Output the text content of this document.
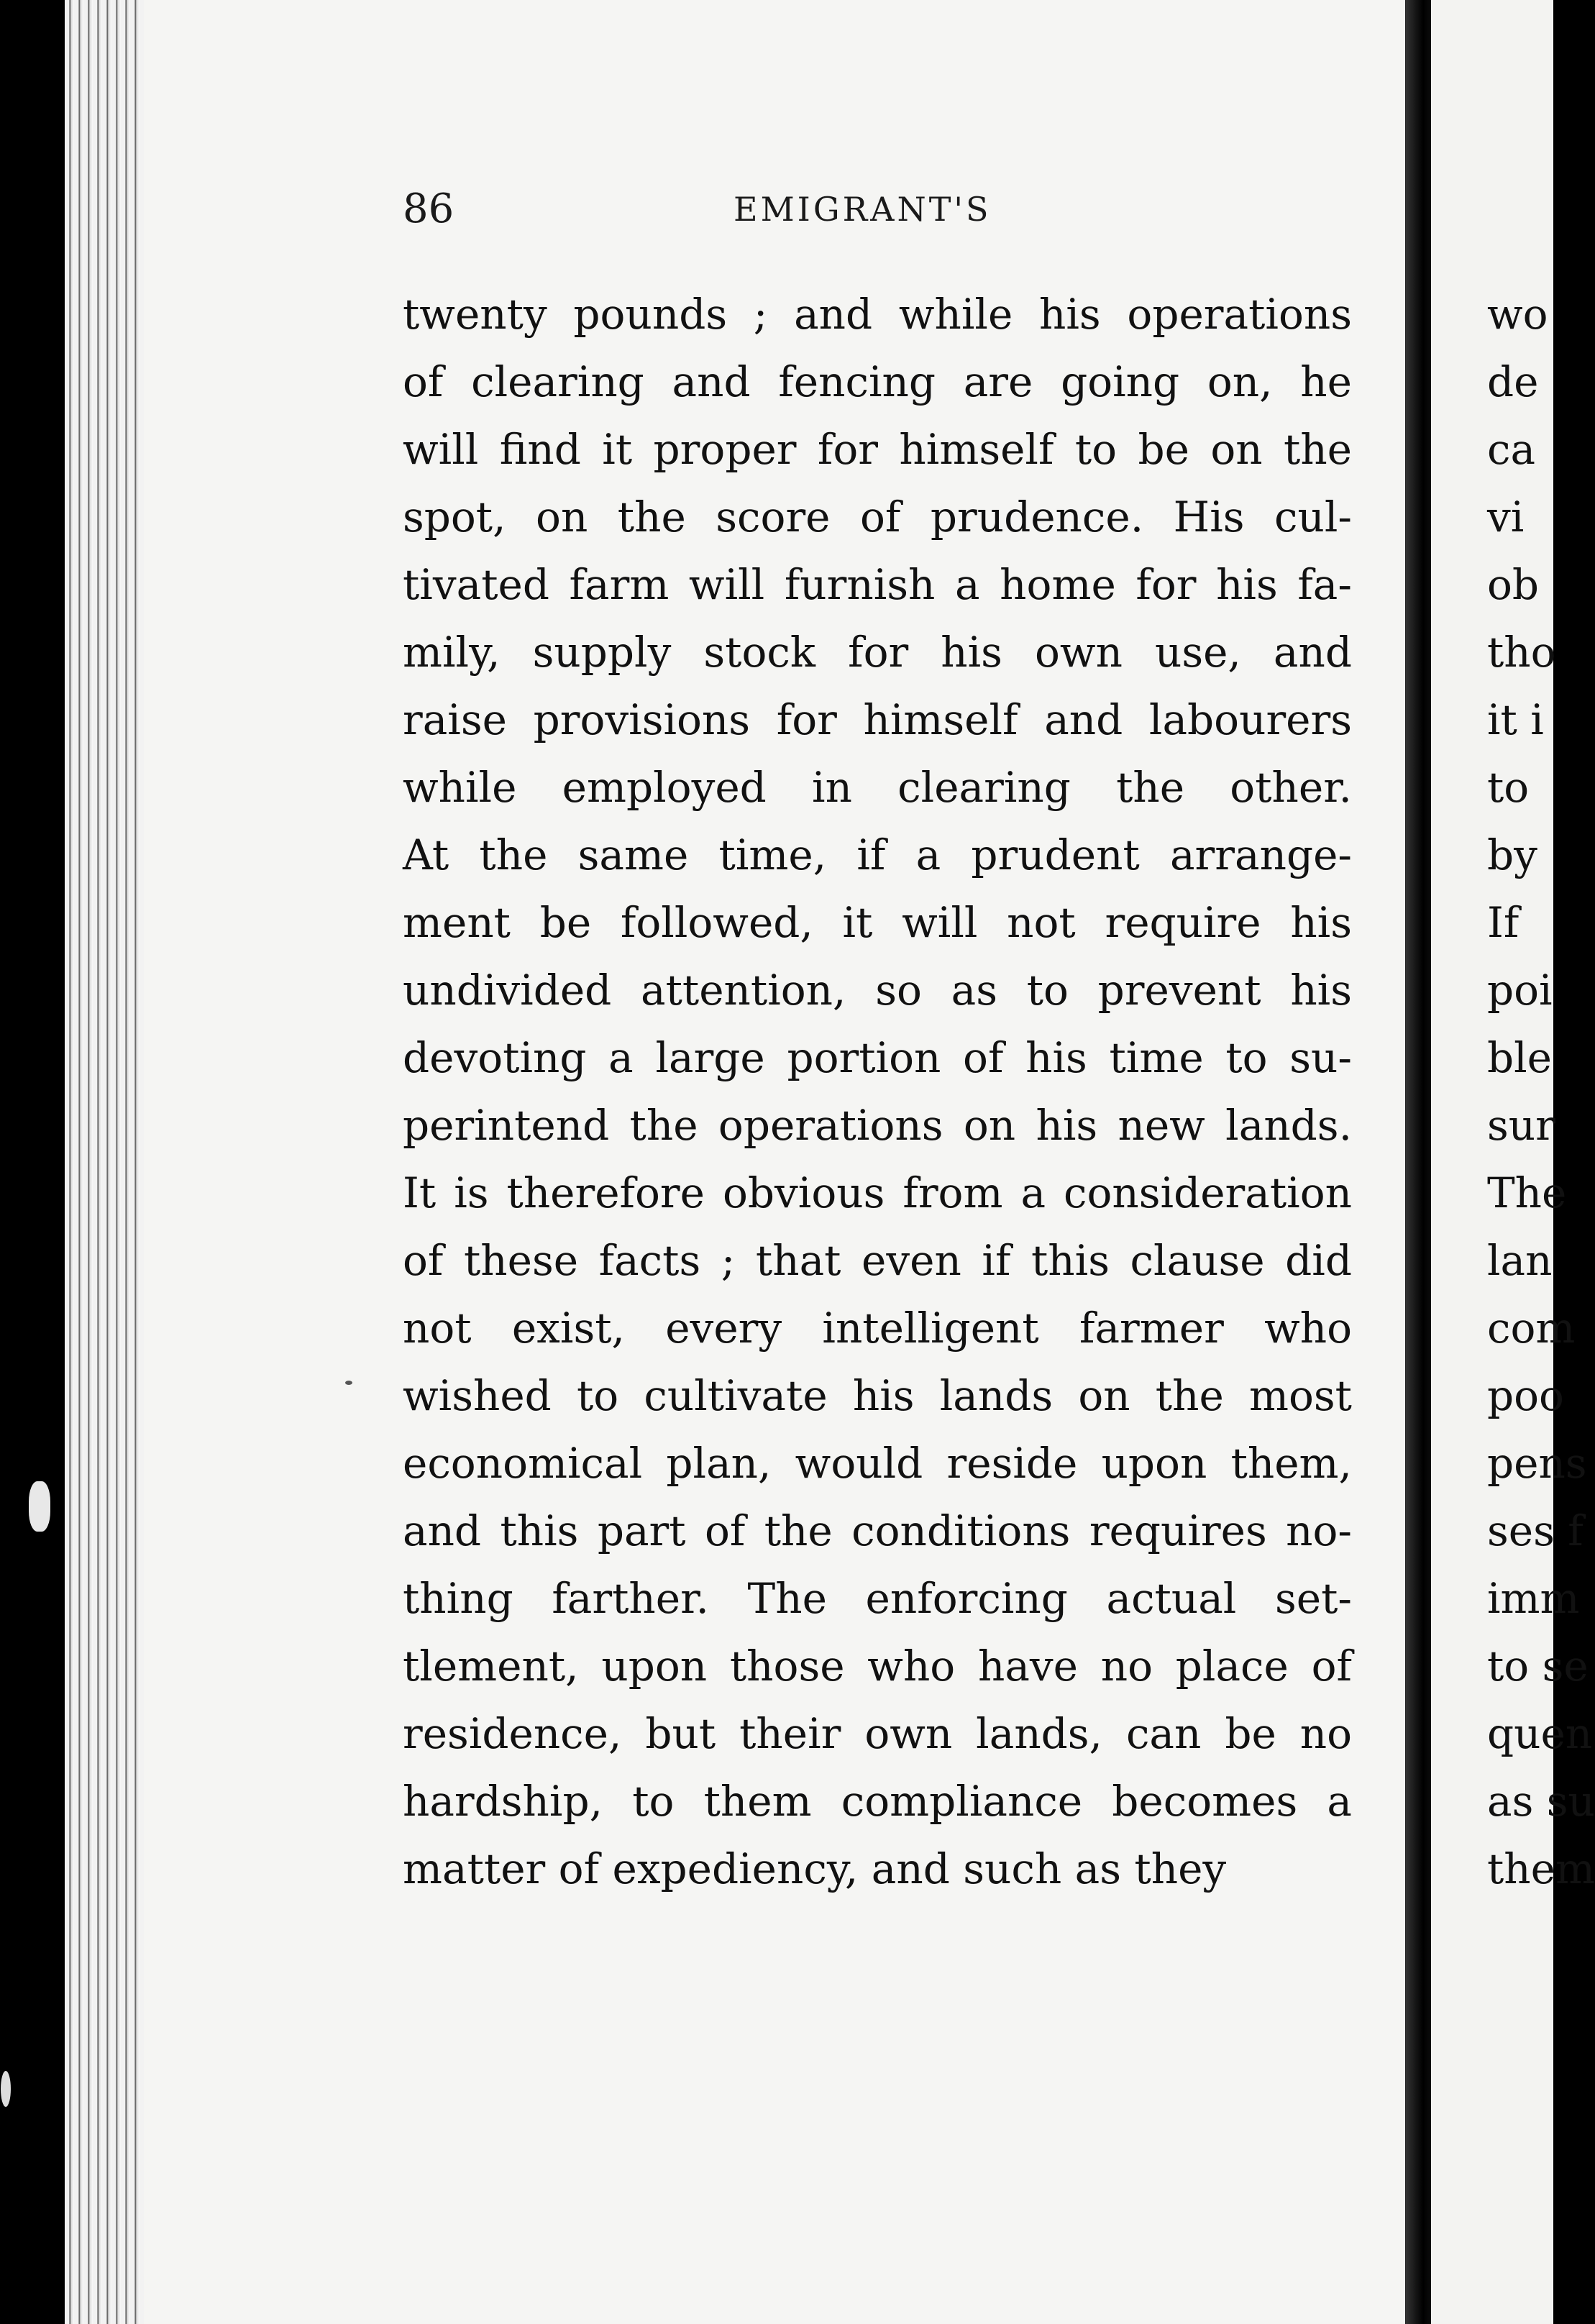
86	EMIGRANT'S
twenty pounds ; and while his operations
of clearing and fencing are going on, he
will find it proper for himself to be on the
spot, on the score of prudence. His cul-
tivated farm will furnish a home for his fa-
mily, supply stock for his own use, and
raise provisions for himself and labourers
while employed in clearing the other.
At the same time, if a prudent arrange-
ment be followed, it will not require his
undivided attention, so as to prevent his
devoting a large portion of his time to su-
perintend the operations on his new lands.
It is therefore obvious from a consideration
of these facts ; that even if this clause did
not exist, every intelligent farmer who
wished to cultivate his lands on the most
economical plan, would reside upon them,
and this part of the conditions requires no-
thing farther. The enforcing actual set-
tlement, upon those who have no place of
residence, but their own lands, can be no
hardship, to them compliance becomes a
matter of expediency, and such as they
wo
de
ca
vi
ob
tho
it i
to
by
If
poi
ble
sur
The
lan
com
poo
pens
ses f
imm
to se
quen
as su
them
